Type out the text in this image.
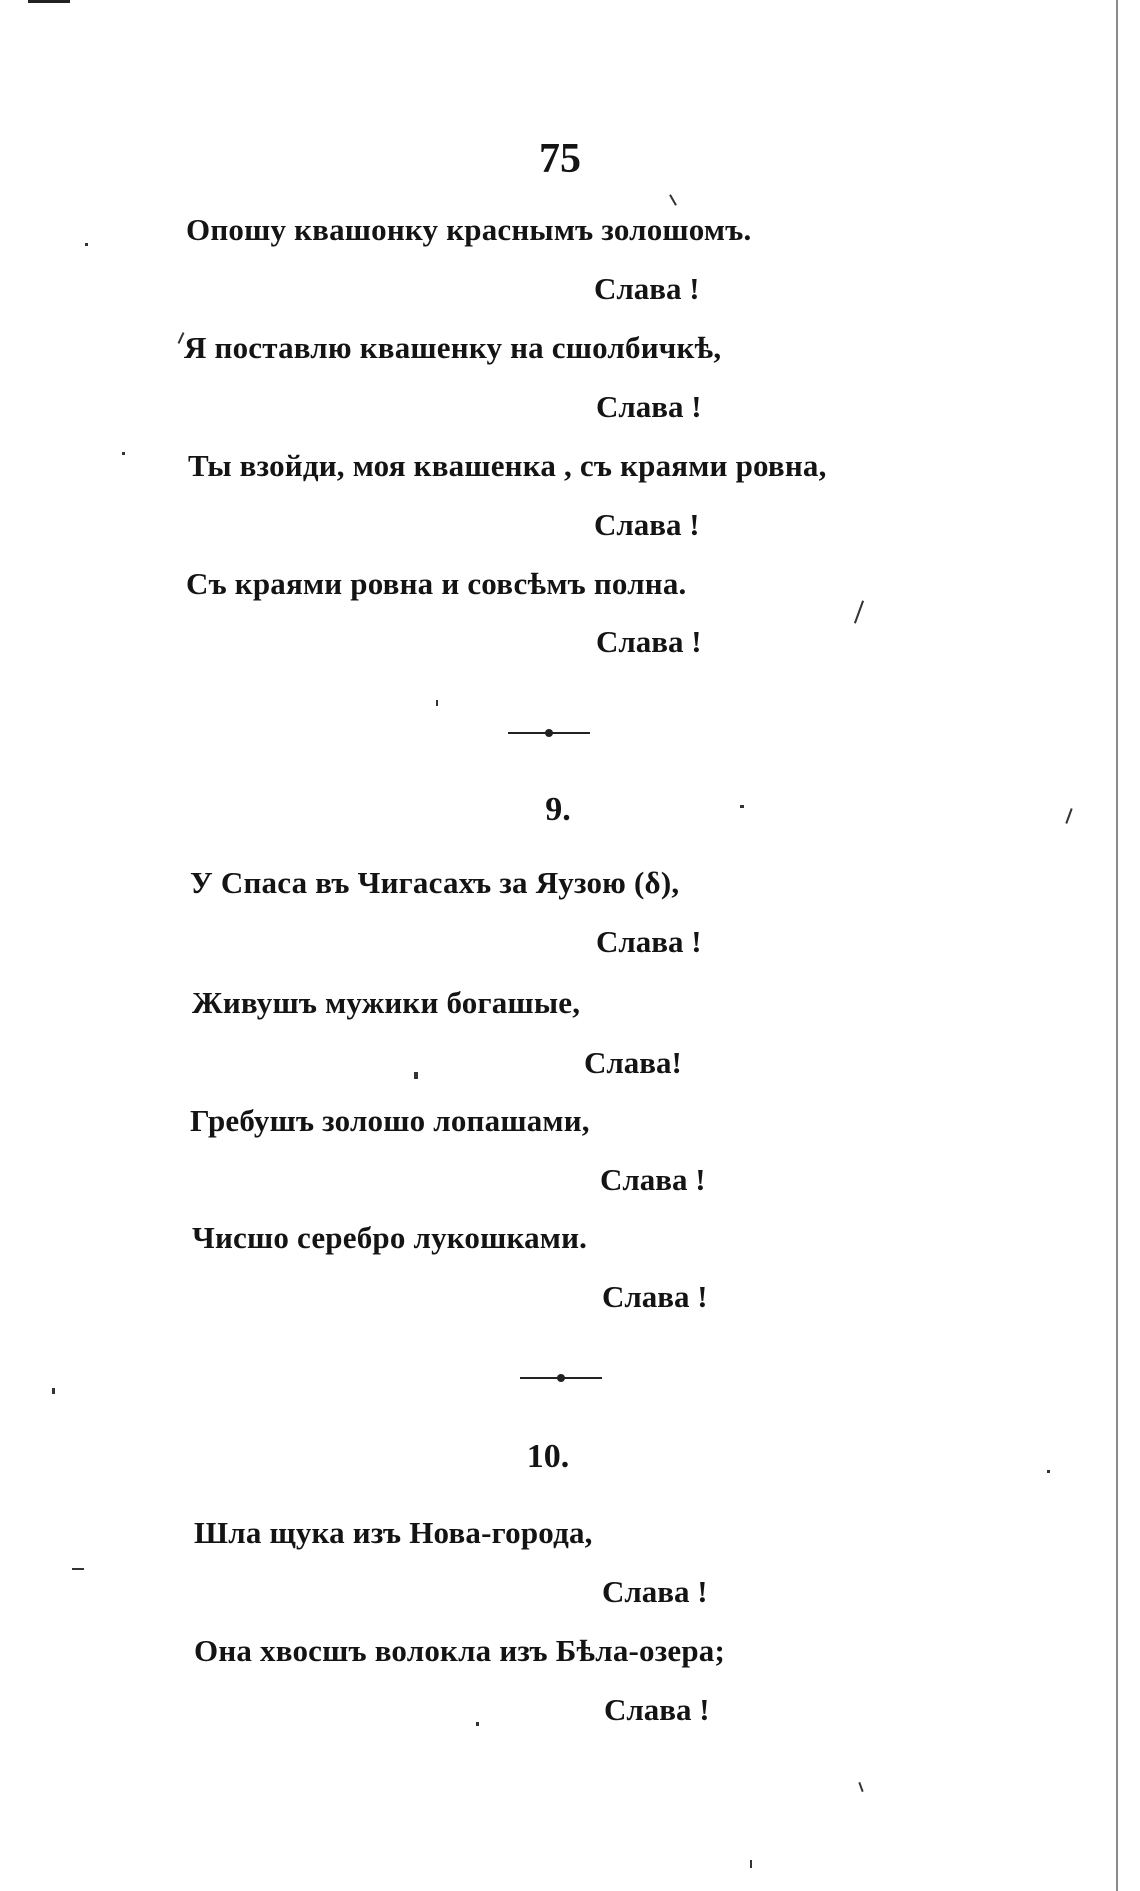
75
Опошу квашонку краснымъ золошомъ.
Слава !
Я поставлю квашенку на сшолбичкѣ,
Слава !
Ты взойди, моя квашенка , съ краями ровна,
Слава !
Съ краями ровна и совсѣмъ полна.
Слава !
9.
У Спаса въ Чигасахъ за Яузою (δ),
Слава !
Живушъ мужики богашые,
Слава!
Гребушъ золошо лопашами,
Слава !
Чисшо серебро лукошками.
Слава !
10.
Шла щука изъ Нова-города,
Слава !
Она хвосшъ волокла изъ Бѣла-озера;
Слава !
